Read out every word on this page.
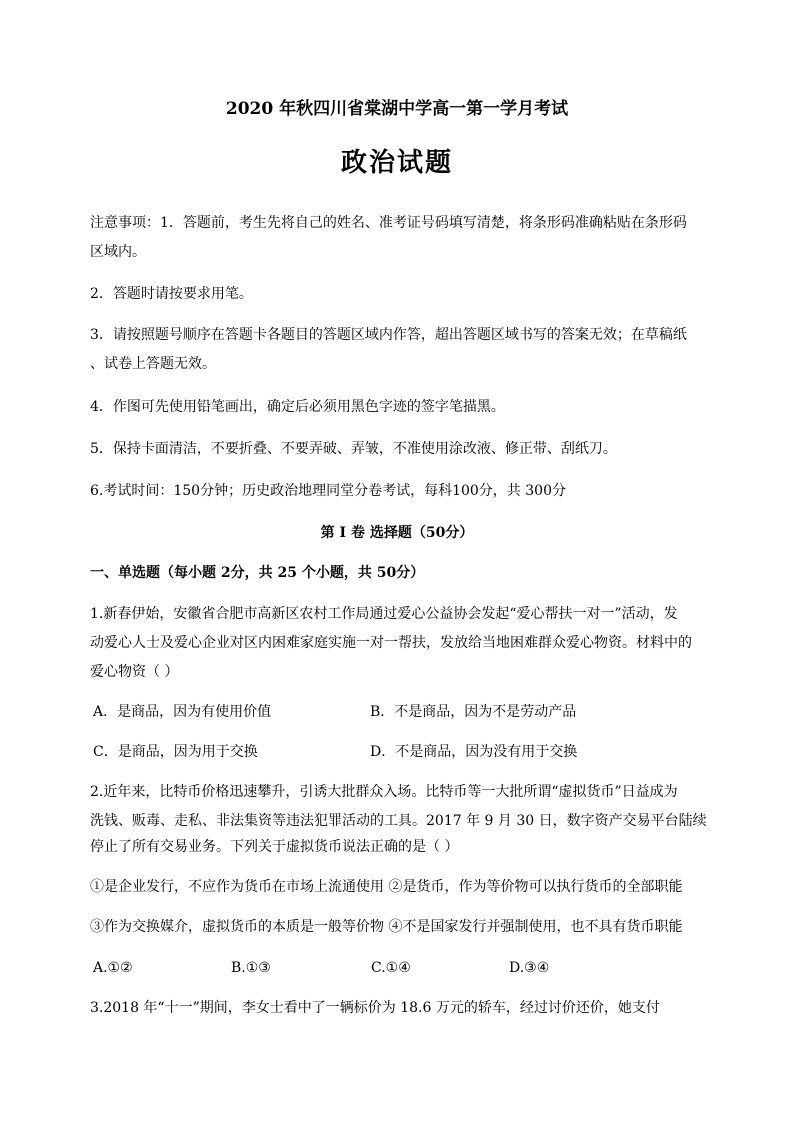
2020 年秋四川省棠湖中学高一第一学月考试
政治试题
注意事项：1．答题前，考生先将自己的姓名、准考证号码填写清楚，将条形码准确粘贴在条形码
区域内。
2．答题时请按要求用笔。
3．请按照题号顺序在答题卡各题目的答题区域内作答，超出答题区域书写的答案无效；在草稿纸
、试卷上答题无效。
4．作图可先使用铅笔画出，确定后必须用黑色字迹的签字笔描黑。
5．保持卡面清洁，不要折叠、不要弄破、弄皱，不准使用涂改液、修正带、刮纸刀。
6.考试时间：150分钟；历史政治地理同堂分卷考试，每科100分，共 300分
第 I 卷 选择题（50分）
一、单选题（每小题 2分，共 25 个小题，共 50分）
1.新春伊始，安徽省合肥市高新区农村工作局通过爱心公益协会发起“爱心帮扶一对一”活动，发
动爱心人士及爱心企业对区内困难家庭实施一对一帮扶，发放给当地困难群众爱心物资。材料中的
爱心物资（ ）
A．是商品，因为有使用价值	B．不是商品，因为不是劳动产品
C．是商品，因为用于交换	D．不是商品，因为没有用于交换
2.近年来，比特币价格迅速攀升，引诱大批群众入场。比特币等一大批所谓“虚拟货币”日益成为
洗钱、贩毒、走私、非法集资等违法犯罪活动的工具。2017 年 9 月 30 日，数字资产交易平台陆续
停止了所有交易业务。下列关于虚拟货币说法正确的是（ ）
①是企业发行，不应作为货币在市场上流通使用 ②是货币，作为等价物可以执行货币的全部职能
③作为交换媒介，虚拟货币的本质是一般等价物 ④不是国家发行并强制使用，也不具有货币职能
A.①②	B.①③	C.①④	D.③④
3.2018 年“十一”期间，李女士看中了一辆标价为 18.6 万元的轿车，经过讨价还价，她支付
